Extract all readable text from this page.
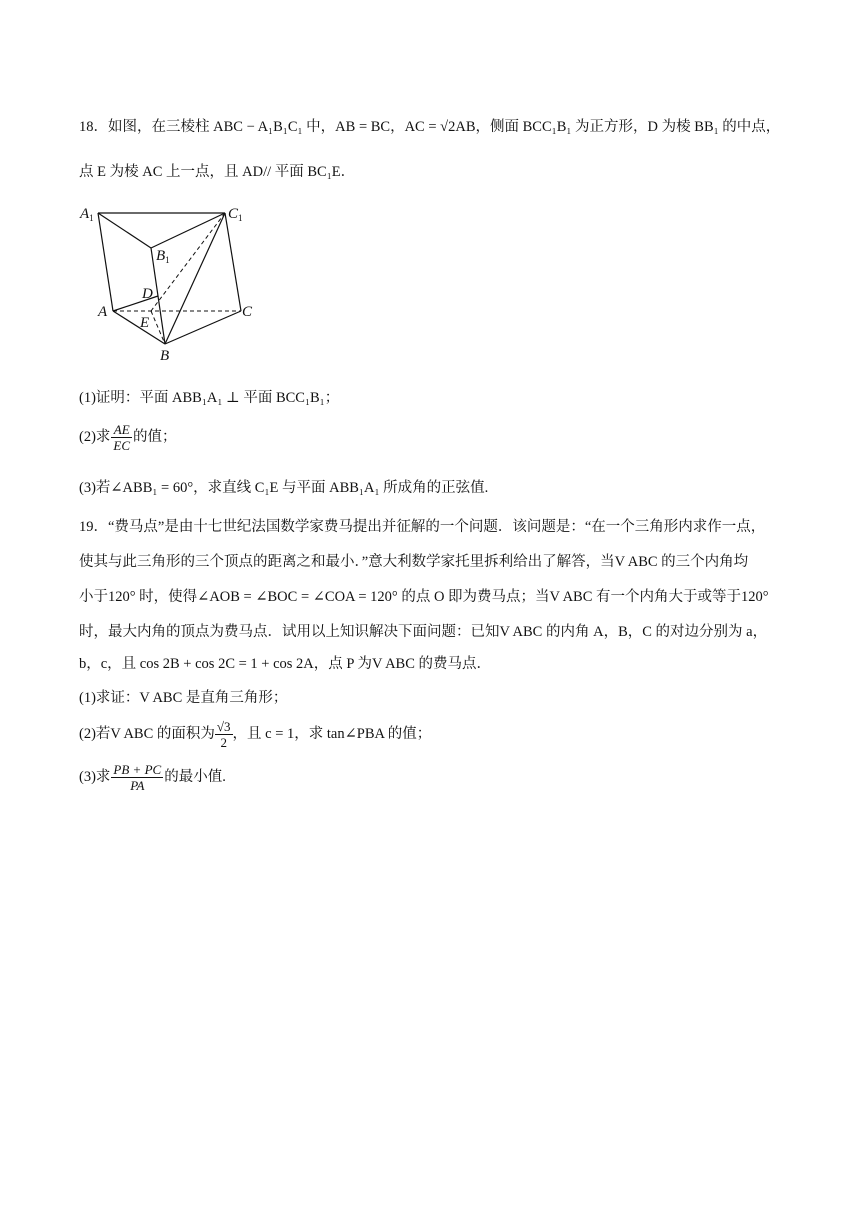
18．如图，在三棱柱 ABC − A₁B₁C₁ 中，AB = BC，AC = √2AB，侧面 BCC₁B₁ 为正方形，D 为棱 BB₁ 的中点，
点 E 为棱 AC 上一点，且 AD// 平面 BC₁E．
$A_1$	$C_1$
$B_1$
D
A
E
C
B
(1)证明：平面 ABB₁A₁ ⊥ 平面 BCC₁B₁；
(2)求 $\frac{AE}{EC}$ 的值；
(3)若∠ABB₁ = 60°，求直线 C₁E 与平面 ABB₁A₁ 所成角的正弦值.
19．“费马点”是由十七世纪法国数学家费马提出并征解的一个问题．该问题是：“在一个三角形内求作一点，
使其与此三角形的三个顶点的距离之和最小．”意大利数学家托里拆利给出了解答，当V ABC 的三个内角均
小于120° 时，使得∠AOB = ∠BOC = ∠COA = 120° 的点 O 即为费马点；当V ABC 有一个内角大于或等于120°
时，最大内角的顶点为费马点．试用以上知识解决下面问题：已知V ABC 的内角 A，B，C 的对边分别为 a，
b，c，且 cos 2B + cos 2C = 1 + cos 2A，点 P 为V ABC 的费马点．
(1)求证：V ABC 是直角三角形；
(2)若V ABC 的面积为 $\frac{√3}{2}$ ，且 c = 1，求 tan∠PBA 的值；
(3)求 $\frac{PB + PC}{PA}$ 的最小值.
